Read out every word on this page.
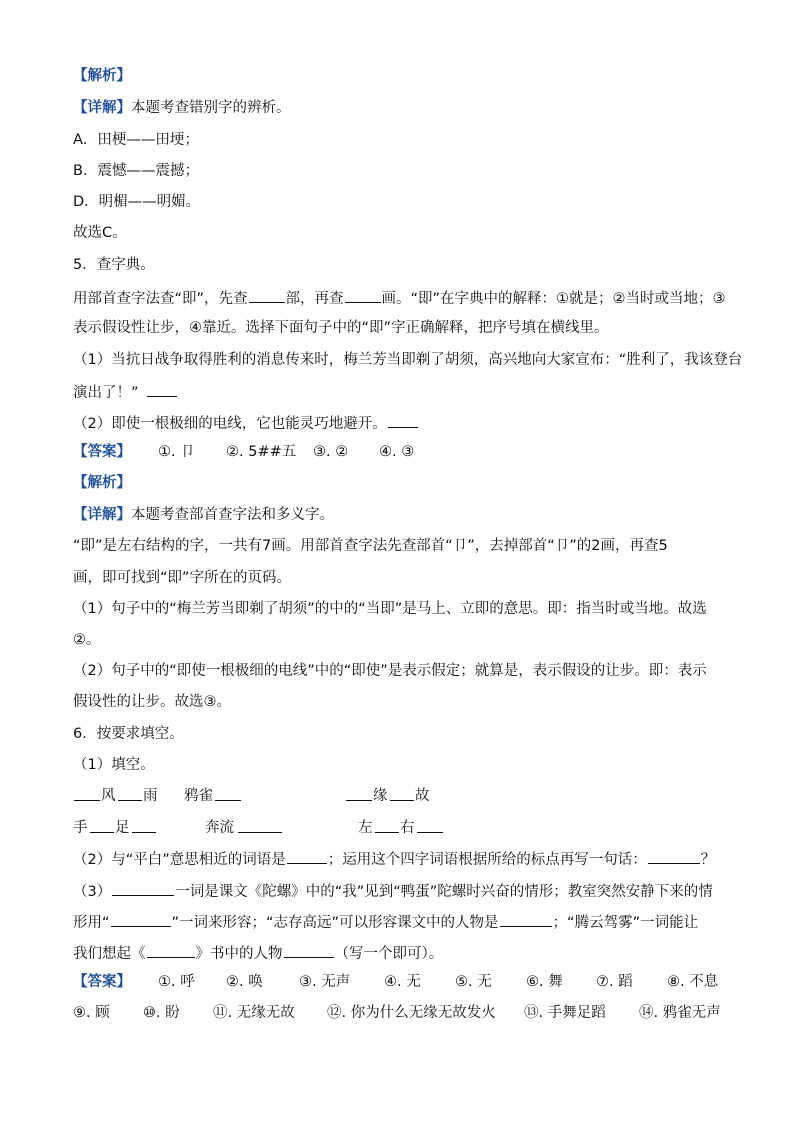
【解析】
【详解】本题考查错别字的辨析。
A．田梗——田埂；
B．震憾——震撼；
D．明楣——明媚。
故选C。
5．查字典。
用部首查字法查“即”，先查	部，再查	画。“即”在字典中的解释：①就是；②当时或当地；③
表示假设性让步，④靠近。选择下面句子中的“即”字正确解释，把序号填在横线里。
（1）当抗日战争取得胜利的消息传来时，梅兰芳当即剃了胡须，高兴地向大家宣布：“胜利了，我该登台
演出了！”
（2）即使一根极细的电线，它也能灵巧地避开。
【答案】 ①. 卩 ②. 5##五 ③. ② ④. ③
【解析】
【详解】本题考查部首查字法和多义字。
“即”是左右结构的字，一共有7画。用部首查字法先查部首“卩”，去掉部首“卩”的2画，再查5
画，即可找到“即”字所在的页码。
（1）句子中的“梅兰芳当即剃了胡须”的中的“当即”是马上、立即的意思。即：指当时或当地。故选
②。
（2）句子中的“即使一根极细的电线”中的“即使”是表示假定；就算是，表示假设的让步。即：表示
假设性的让步。故选③。
6．按要求填空。
（1）填空。
风 雨 鸦雀	缘 故
手 足	奔流	左 右
（2）与“平白”意思相近的词语是	；运用这个四字词语根据所给的标点再写一句话：	？
（3）	一词是课文《陀螺》中的“我”见到“鸭蛋”陀螺时兴奋的情形；教室突然安静下来的情
形用“	”一词来形容；“志存高远”可以形容课文中的人物是	；“腾云驾雾”一词能让
我们想起《	》书中的人物	（写一个即可）。
【答案】 ①. 呼 ②. 唤	③. 无声 ④. 无 ⑤. 无 ⑥. 舞 ⑦. 蹈 ⑧. 不息
⑨. 顾 ⑩. 盼 ⑪. 无缘无故 ⑫. 你为什么无缘无故发火 ⑬. 手舞足蹈 ⑭. 鸦雀无声
